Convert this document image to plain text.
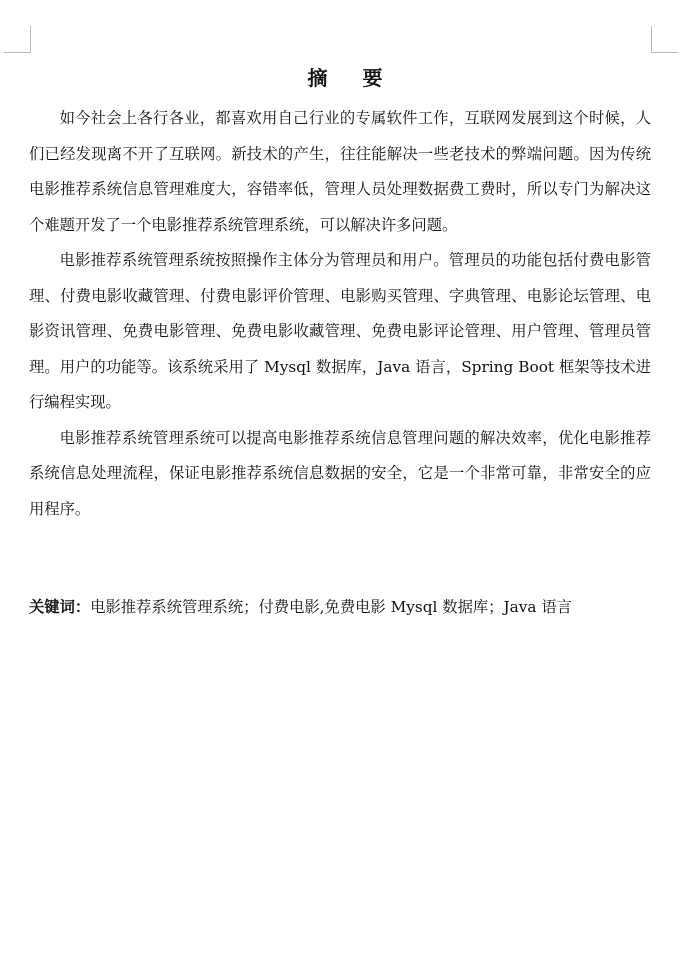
摘 要

如今社会上各行各业，都喜欢用自己行业的专属软件工作，互联网发展到这个时候，人们已经发现离不开了互联网。新技术的产生，往往能解决一些老技术的弊端问题。因为传统电影推荐系统信息管理难度大，容错率低，管理人员处理数据费工费时，所以专门为解决这个难题开发了一个电影推荐系统管理系统，可以解决许多问题。

电影推荐系统管理系统按照操作主体分为管理员和用户。管理员的功能包括付费电影管理、付费电影收藏管理、付费电影评价管理、电影购买管理、字典管理、电影论坛管理、电影资讯管理、免费电影管理、免费电影收藏管理、免费电影评论管理、用户管理、管理员管理。用户的功能等。该系统采用了 Mysql 数据库，Java 语言，Spring Boot 框架等技术进行编程实现。

电影推荐系统管理系统可以提高电影推荐系统信息管理问题的解决效率，优化电影推荐系统信息处理流程，保证电影推荐系统信息数据的安全，它是一个非常可靠，非常安全的应用程序。

关键词：电影推荐系统管理系统；付费电影,免费电影 Mysql 数据库；Java 语言
